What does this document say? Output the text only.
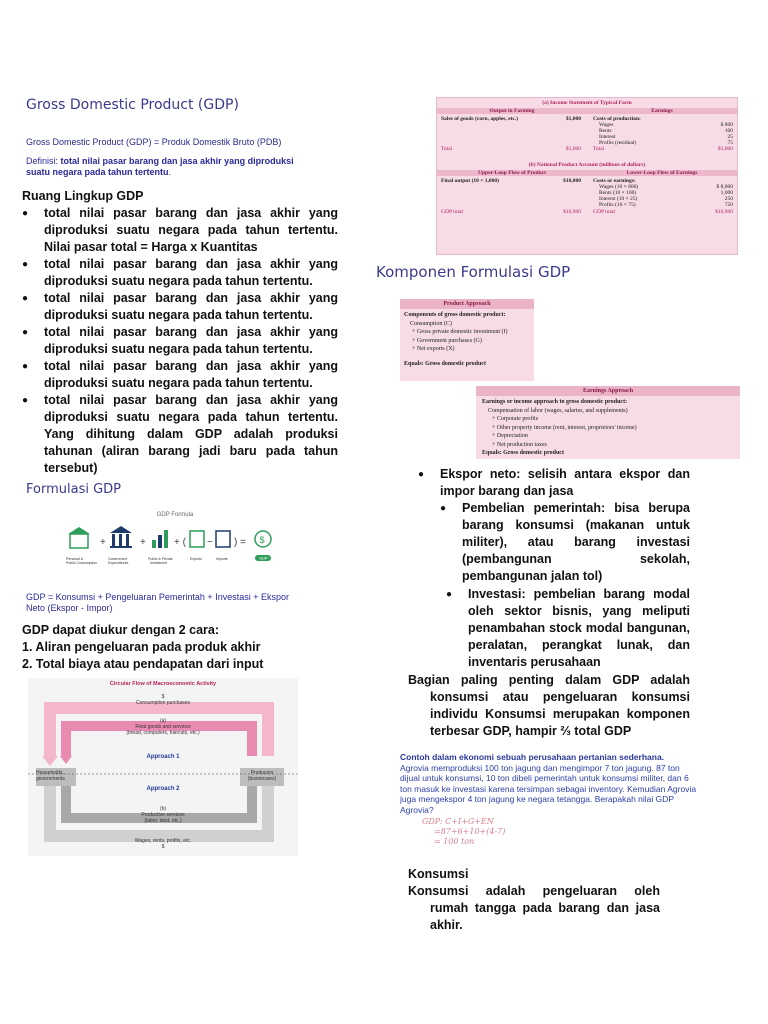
Gross Domestic Product (GDP)
Gross Domestic Product (GDP) = Produk Domestik Bruto (PDB)
Definisi: total nilai pasar barang dan jasa akhir yang diproduksi suatu negara pada tahun tertentu.
Ruang Lingkup GDP
● total nilai pasar barang dan jasa akhir yang diproduksi suatu negara pada tahun tertentu. Nilai pasar total = Harga x Kuantitas
● total nilai pasar barang dan jasa akhir yang diproduksi suatu negara pada tahun tertentu.
● total nilai pasar barang dan jasa akhir yang diproduksi suatu negara pada tahun tertentu.
● total nilai pasar barang dan jasa akhir yang diproduksi suatu negara pada tahun tertentu.
● total nilai pasar barang dan jasa akhir yang diproduksi suatu negara pada tahun tertentu.
● total nilai pasar barang dan jasa akhir yang diproduksi suatu negara pada tahun tertentu. Yang dihitung dalam GDP adalah produksi tahunan (aliran barang jadi baru pada tahun tersebut)
Formulasi GDP
GDP Formula
+	+	+ ( − ) = $
Personal &
Public Consumption
Government
Expenditures
Public & Private
Investment
Exports	Imports	GDP
GDP = Konsumsi + Pengeluaran Pemerintah + Investasi + Ekspor Neto (Ekspor - Impor)
GDP dapat diukur dengan 2 cara:
1. Aliran pengeluaran pada produk akhir
2. Total biaya atau pendapatan dari input
Circular Flow of Macroeconomic Activity
$
Consumption purchases
(a)
Final goods and services
(bread, computers, haircuts, etc.)
Approach 1
Approach 2
Households,
governments
Producers
(businesses)
(b)
Productive services
(labor, land, etc.)
Wages, rents, profits, etc.
$
(a) Income Statement of Typical Farm
Output in Farming	Earnings
Sales of goods (corn, apples, etc.)	$1,000	Costs of production:
Wages	$ 800
Rents	100
Interest	25
Profits (residual)	75
Total	$1,000	Total	$1,000
(b) National Product Account (millions of dollars)
Upper-Loop Flow of Product	Lower-Loop Flow of Earnings
Final output (10 × 1,000)	$10,000	Costs or earnings:
Wages (10 × 800)	$ 8,000
Rents (10 × 100)	1,000
Interest (10 × 25)	250
Profits (10 × 75)	750
GDP total	$10,000	GDP total	$10,000
Komponen Formulasi GDP
Product Approach
Components of gross domestic product:
Consumption (C)
+ Gross private domestic investment (I)
+ Government purchases (G)
+ Net exports (X)
Equals: Gross domestic product
Earnings Approach
Earnings or income approach to gross domestic product:
Compensation of labor (wages, salaries, and supplements)
+ Corporate profits
+ Other property income (rent, interest, proprietors' income)
+ Depreciation
+ Net production taxes
Equals: Gross domestic product
● Ekspor neto: selisih antara ekspor dan impor barang dan jasa
● Pembelian pemerintah: bisa berupa barang konsumsi (makanan untuk militer), atau barang investasi (pembangunan sekolah, pembangunan jalan tol)
● Investasi: pembelian barang modal oleh sektor bisnis, yang meliputi penambahan stock modal bangunan, peralatan, perangkat lunak, dan inventaris perusahaan
Bagian paling penting dalam GDP adalah konsumsi atau pengeluaran konsumsi individu Konsumsi merupakan komponen terbesar GDP, hampir ⅔ total GDP
Contoh dalam ekonomi sebuah perusahaan pertanian sederhana.
Agrovia memproduksi 100 ton jagung dan mengimpor 7 ton jagung. 87 ton dijual untuk konsumsi, 10 ton dibeli pemerintah untuk konsumsi militer, dan 6 ton masuk ke investasi karena tersimpan sebagai inventory. Kemudian Agrovia juga mengekspor 4 ton jagung ke negara tetangga. Berapakah nilai GDP Agrovia?
GDP: C+I+G+EN
=87+6+10+(4-7)
= 100 ton
Konsumsi
Konsumsi adalah pengeluaran oleh rumah tangga pada barang dan jasa akhir.
